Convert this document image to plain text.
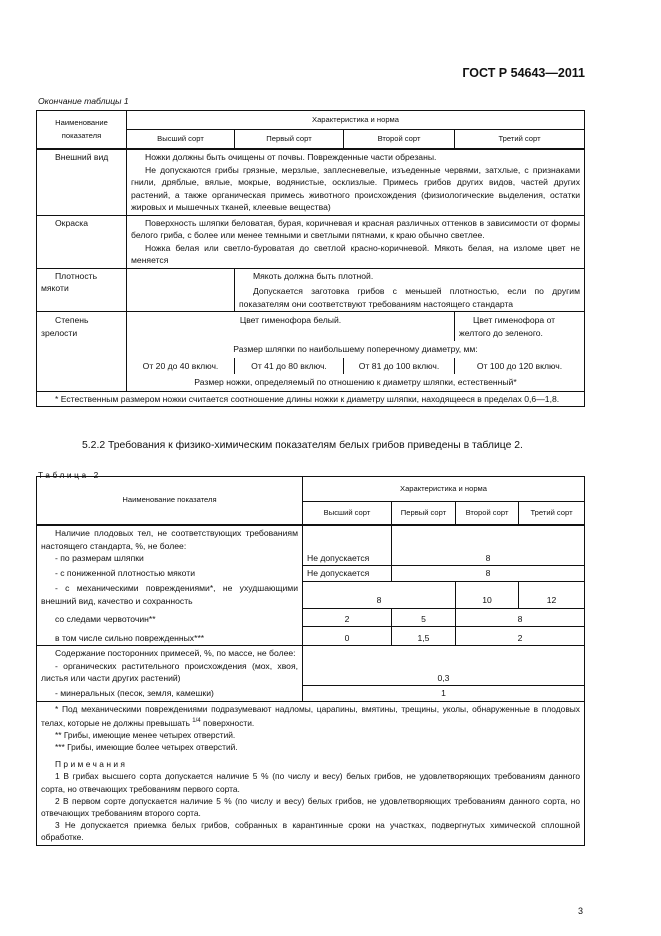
ГОСТ Р 54643—2011
Окончание таблицы 1
Наименование показателя	Характеристика и норма			
	Высший сорт	Первый сорт	Второй сорт	Третий сорт
Внешний вид	Ножки должны быть очищены от почвы. Поврежденные части обрезаны.
Не допускаются грибы грязные, мерзлые, заплесневелые, изъеденные червями, затхлые, с признаками гнили, дряблые, вялые, мокрые, водянистые, осклизлые. Примесь грибов других видов, частей других растений, а также органическая примесь животного происхождения (физиологические выделения, остатки жировых и мышечных тканей, клеевые вещества)			

Окраска	Поверхность шляпки беловатая, бурая, коричневая и красная различных оттенков в зависимости от формы белого гриба, с более или менее темными и светлыми пятнами, к краю обычно светлее.
Ножка белая или светло-буроватая до светлой красно-коричневой. Мякоть белая, на изломе цвет не меняется			

Плотность мякоти		Мякоть должна быть плотной.
Допускается заготовка грибов с меньшей плотностью, если по другим показателям они соответствуют требованиям настоящего стандарта		

Степень зрелости	Цвет гименофора белый.			Цвет гименофора от желтого до зеленого.
	Размер шляпки по наибольшему поперечному диаметру, мм:			
	От 20 до 40 включ.	От 41 до 80 включ.	От 81 до 100 включ.	От 100 до 120 включ.
	Размер ножки, определяемый по отношению к диаметру шляпки, естественный*			
* Естественным размером ножки считается соотношение длины ножки к диаметру шляпки, находящееся в пределах 0,6—1,8.				
5.2.2 Требования к физико-химическим показателям белых грибов приведены в таблице 2.
Таблица 2
Наименование показателя	Характеристика и норма			
	Высший сорт	Первый сорт	Второй сорт	Третий сорт

Наличие плодовых тел, не соответствующих требованиям настоящего стандарта, %, не более:
- по размерам шляпки	Не допускается	8		
- с пониженной плотностью мякоти	Не допускается	8		
- с механическими повреждениями*, не ухудшающими внешний вид, качество и сохранность	8		10	12
со следами червоточин**	2	5	8	
в том числе сильно поврежденных***	0	1,5	2	

Содержание посторонних примесей, %, по массе, не более:
- органических растительного происхождения (мох, хвоя, листья или части других растений)	0,3			
- минеральных (песок, земля, камешки)	1			

* Под механическими повреждениями подразумевают надломы, царапины, вмятины, трещины, уколы, обнаруженные в плодовых телах, которые не должны превышать $^{1/4}$ поверхности.

** Грибы, имеющие менее четырех отверстий.

*** Грибы, имеющие более четырех отверстий.

Примечания

1 В грибах высшего сорта допускается наличие 5 % (по числу и весу) белых грибов, не удовлетворяющих требованиям данного сорта, но отвечающих требованиям первого сорта.

2 В первом сорте допускается наличие 5 % (по числу и весу) белых грибов, не удовлетворяющих требованиям данного сорта, но отвечающих требованиям второго сорта.

3 Не допускается приемка белых грибов, собранных в карантинные сроки на участках, подвергнутых химической сплошной обработке.

3
